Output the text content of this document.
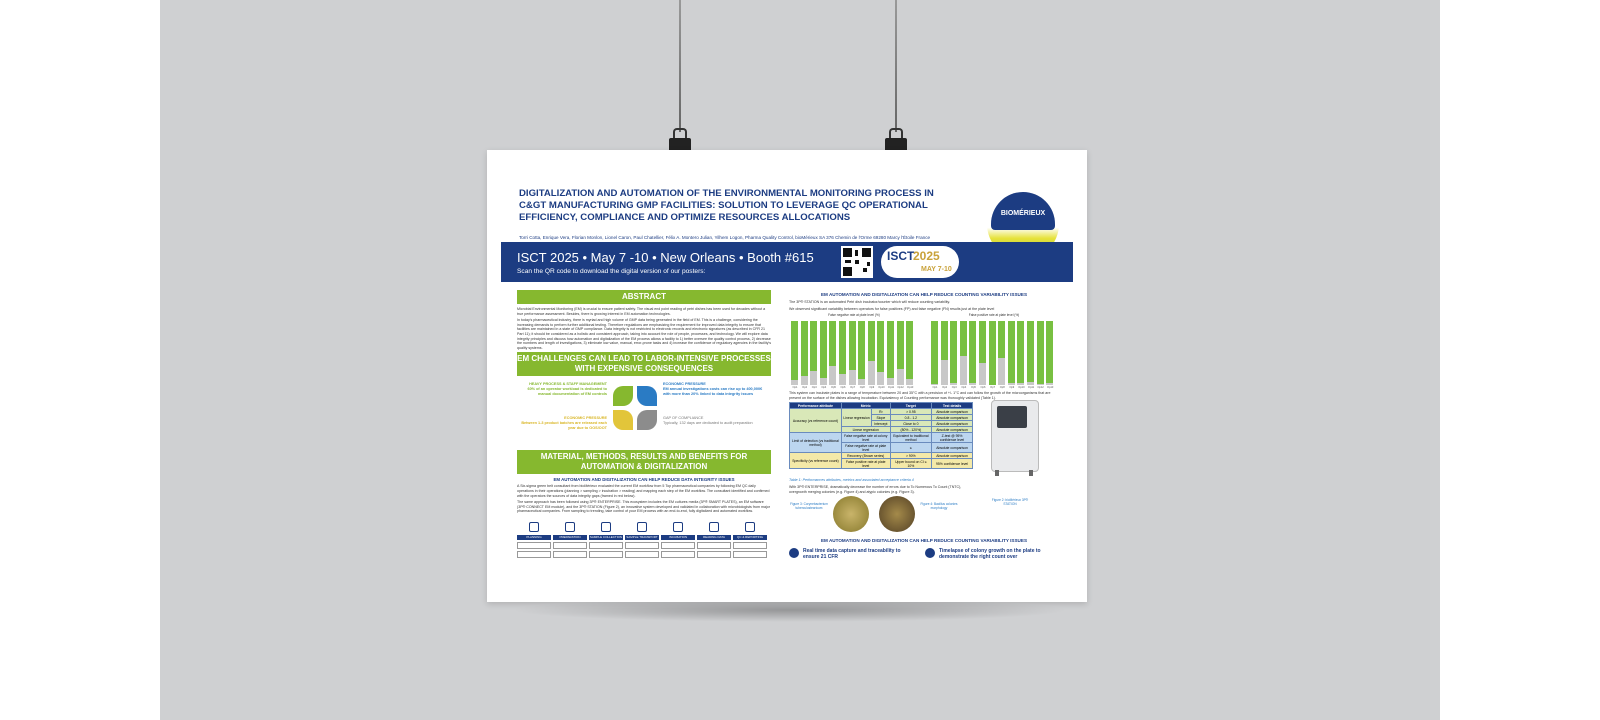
DIGITALIZATION AND AUTOMATION OF THE ENVIRONMENTAL MONITORING PROCESS IN C&GT MANUFACTURING GMP FACILITIES: SOLUTION TO LEVERAGE QC OPERATIONAL EFFICIENCY, COMPLIANCE AND OPTIMIZE RESOURCES ALLOCATIONS
Torri Cotta, Enrique Vera, Florian Monlon, Lionel Caron, Paul Chatellier, Félix A. Montero Julian, Yilhem Logon, Pharma Quality Control, bioMérieux SA 376 Chemin de l'Orme 69280 Marcy l'Étoile France
BIOMÉRIEUX
ISCT 2025 • May 7 -10 • New Orleans • Booth #615
Scan the QR code to download the digital version of our posters:
ISCT
2025
MAY 7-10
ABSTRACT
Microbial Environmental Monitoring (EM) is crucial to ensure patient safety. The visual end point reading of petri dishes has been used for decades without a true performance assessment. Besides, there is growing interest in EM automation technologies.
In today's pharmaceutical industry, there is myriad and high volume of GMP data being generated in the field of EM. This is a challenge, considering the increasing demands to perform further additional testing. Therefore regulations are emphasizing the requirement for improved data integrity to ensure that facilities are maintained in a state of GMP compliance. Data integrity is not restricted to electronic records and electronic signatures (as described in CFR 21 Part 11); it should be considered as a holistic and consistent approach, taking into account the role of people, processes, and technology. We will explore data integrity principles and discuss how automation and digitalization of the EM process allows a facility to 1) better oversee the quality control process, 2) decrease the numbers and length of investigations, 3) eliminate low value, manual, error-prone tasks and 4) increase the confidence of regulatory agencies in the facility's quality systems.
EM CHALLENGES CAN LEAD TO LABOR-INTENSIVE PROCESSES WITH EXPENSIVE CONSEQUENCES
HEAVY PROCESS & STAFF MANAGEMENT
60% of an operator workload is dedicated to manual documentation of EM controls
ECONOMIC PRESSURE
Between 1-3 product batches are released each year due to OOS/OOT
ECONOMIC PRESSURE
EM annual investigations costs can rise up to 400,000€ with more than 20% linked to data integrity issues
GAP OF COMPLIANCE
Typically, 132 days are dedicated to audit preparation
MATERIAL, METHODS, RESULTS AND BENEFITS FOR AUTOMATION & DIGITALIZATION
EM AUTOMATION AND DIGITALIZATION CAN HELP REDUCE DATA INTEGRITY ISSUES
A Six-sigma green belt consultant from bioMérieux evaluated the current EM workflow from 5 Top pharmaceutical companies by following EM QC daily operations in their operations (planning > sampling > incubation > reading) and mapping each step of the EM workflow. The consultant identified and confirmed with the operators the sources of data integrity gaps (framed in red below).
The same approach has been followed using 3P® ENTERPRISE. This ecosystem includes the EM cultures media (3P® SMART PLATES), an EM software (3P® CONNECT EM module), and the 3P® STATION (Figure 2), an innovative system developed and validated in collaboration with microbiologists from major pharmaceutical companies. From sampling to trending, take control of your EM process with an end-to-end, fully digitalized and automated workflow.
PLANNING	PREPARATION	SAMPLE COLLECTION	SAMPLE TRANSPORT	INCUBATION	READING DATA	QC & REPORTING
EM AUTOMATION AND DIGITALIZATION CAN HELP REDUCE COUNTING VARIABILITY ISSUES
The 3P® STATION is an automated Petri dish incubator/counter which will reduce counting variability.
We observed significant variability between operators for false positives (FP) and false negative (FN) results just at the plate level
False negative rate at plate level (%)	False positive rate at plate level (%)
Op1	Op2	Op3	Op4	Op5	Op6	Op7	Op8	Op9	Op10	Op11	Op12	Op13	Op1	Op2	Op3	Op4	Op5	Op6	Op7	Op8	Op9	Op10	Op11	Op12	Op13
This system can incubate plates in a range of temperature between 20 and 35°C with a precision of +/- 1°C and can follow the growth of the microorganisms that are present on the surface of the dishes allowing incubation. Equivalency of Counting performance was thoroughly validated (Table 1).
Performance attribute	Metric		Target	Test details
Accuracy (vs reference count)	Linear regression	R²	> 0.95	Absolute comparison
		Slope	0.8 - 1.2	Absolute comparison
		Intercept	Close to 0	Absolute comparison
	Linear regression		(80% - 120%)	Absolute comparison
Limit of detection (vs traditional method)	False negative rate at colony level		Equivalent to traditional method	Z-test @ 95% confidence level
	False negative rate at plate level		≤	Absolute comparison
Specificity (vs reference count)	Recovery (Brown series)		> 90%	Absolute comparison
	False positive rate at plate level		Upper bound on CI ≤ 10%	95% confidence level
Table 1: Performances attributes, metrics and associated acceptance criteria 4
With 3P® ENTERPRISE, dramatically decrease the number of errors due to To Numerous To Count (TNTC), overgrowth merging colonies (e.g. Figure 4) and atypic colonies (e.g. Figure 3).
Figure 3: Corynebacterium tuberculostearicum
Figure 4: Bacillus colonies morphology
Figure 2: bioMérieux 3P® STATION
EM AUTOMATION AND DIGITALIZATION CAN HELP REDUCE COUNTING VARIABILITY ISSUES
Real time data capture and traceability to ensure 21 CFR
Timelapse of colony growth on the plate to demonstrate the right count over
